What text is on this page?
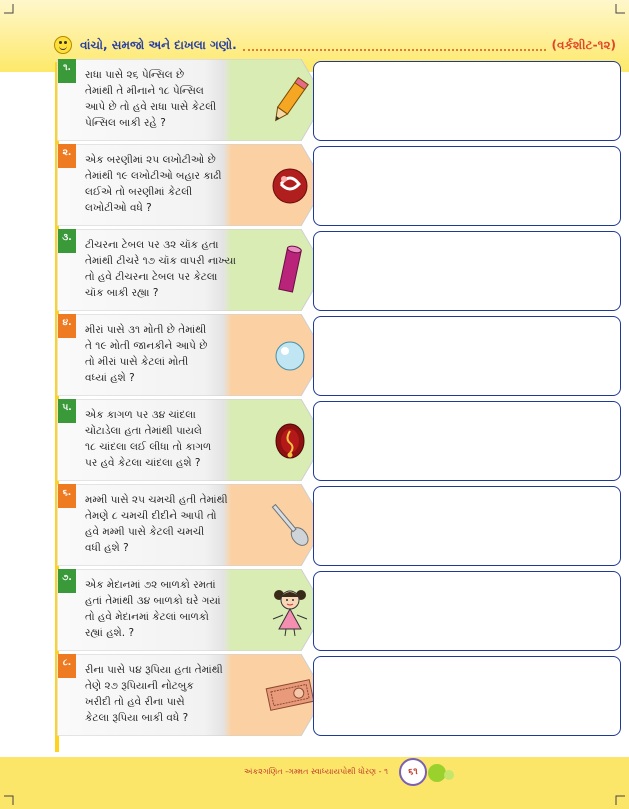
વાંચો, સમજો અને દાખલા ગણો.	(વર્કશીટ-૧૨)
૧.
રાધા પાસે ૨૬ પેન્સિલ છે
તેમાંથી તે મીનાને ૧૮ પેન્સિલ
આપે છે તો હવે રાધા પાસે કેટલી
પેન્સિલ બાકી રહે ?
૨.
એક બરણીમાં ૨૫ લખોટીઓ છે
તેમાંથી ૧૯ લખોટીઓ બહાર કાઢી
લઈએ તો બરણીમાં કેટલી
લખોટીઓ વધે ?
૩.
ટીચરના ટેબલ પર ૩૨ ચૉક હતા
તેમાંથી ટીચરે ૧૭ ચૉક વાપરી નાખ્યા
તો હવે ટીચરના ટેબલ પર કેટલા
ચૉક બાકી રહ્યા ?
૪.
મીરાં પાસે ૩૧ મોતી છે તેમાંથી
તે ૧૯ મોતી જાનકીને આપે છે
તો મીરાં પાસે કેટલાં મોતી
વધ્યાં હશે ?
૫.
એક કાગળ પર ૩૪ ચાંદલા
ચોંટાડેલા હતા તેમાંથી પાયલે
૧૮ ચાંદલા લઈ લીધા તો કાગળ
પર હવે કેટલા ચાંદલા હશે ?
૬.
મમ્મી પાસે ૨૫ ચમચી હતી તેમાંથી
તેમણે ૮ ચમચી દીદીને આપી તો
હવે મમ્મી પાસે કેટલી ચમચી
વધી હશે ?
૭.
એક મેદાનમાં ૭૨ બાળકો રમતાં
હતાં તેમાંથી ૩૪ બાળકો ઘરે ગયાં
તો હવે મેદાનમાં કેટલાં બાળકો
રહ્યાં હશે. ?
૮.
રીના પાસે ૫૪ રૂપિયા હતા તેમાંથી
તેણે ૨૭ રૂપિયાની નોટબુક
ખરીદી તો હવે રીના પાસે
કેટલા રૂપિયા બાકી વધે ?
અંક૨ગણિત -ગમ્મત સ્વાધ્યાયપોથી ધોરણ - ૧	૬૧
